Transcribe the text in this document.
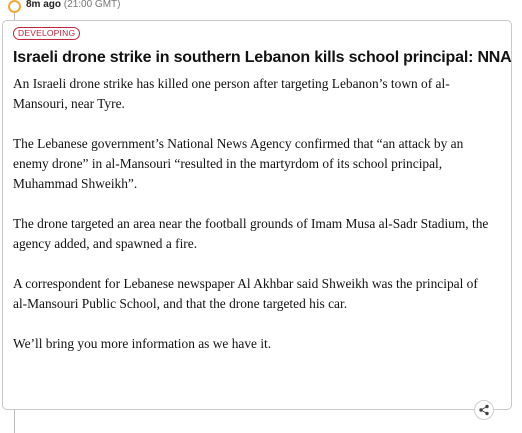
8m ago (21:00 GMT)
DEVELOPING
Israeli drone strike in southern Lebanon kills school principal: NNA

An Israeli drone strike has killed one person after targeting Lebanon’s town of al-Mansouri, near Tyre.

The Lebanese government’s National News Agency confirmed that “an attack by an enemy drone” in al-Mansouri “resulted in the martyrdom of its school principal, Muhammad Shweikh”.

The drone targeted an area near the football grounds of Imam Musa al-Sadr Stadium, the agency added, and spawned a fire.

A correspondent for Lebanese newspaper Al Akhbar said Shweikh was the principal of al-Mansouri Public School, and that the drone targeted his car.

We’ll bring you more information as we have it.
